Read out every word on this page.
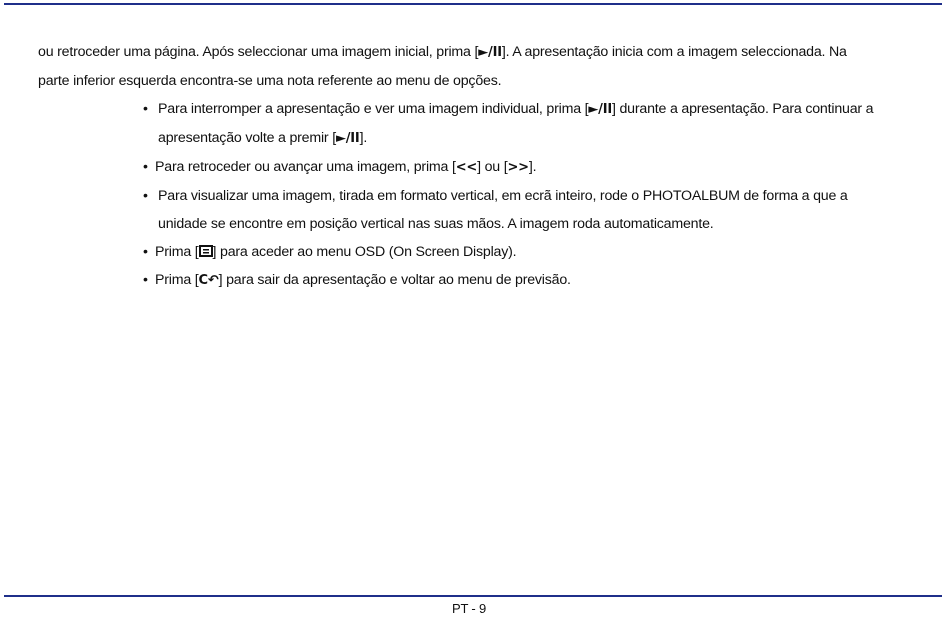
ou retroceder uma página. Após seleccionar uma imagem inicial, prima [►/II]. A apresentação inicia com a imagem seleccionada. Na
parte inferior esquerda encontra-se uma nota referente ao menu de opções.

• Para interromper a apresentação e ver uma imagem individual, prima [►/II] durante a apresentação. Para continuar a
apresentação volte a premir [►/II].
• Para retroceder ou avançar uma imagem, prima [<<] ou [>>].
• Para visualizar uma imagem, tirada em formato vertical, em ecrã inteiro, rode o PHOTOALBUM de forma a que a
unidade se encontre em posição vertical nas suas mãos. A imagem roda automaticamente.
• Prima [ ] para aceder ao menu OSD (On Screen Display).
• Prima [C↶] para sair da apresentação e voltar ao menu de previsão.
PT - 9
